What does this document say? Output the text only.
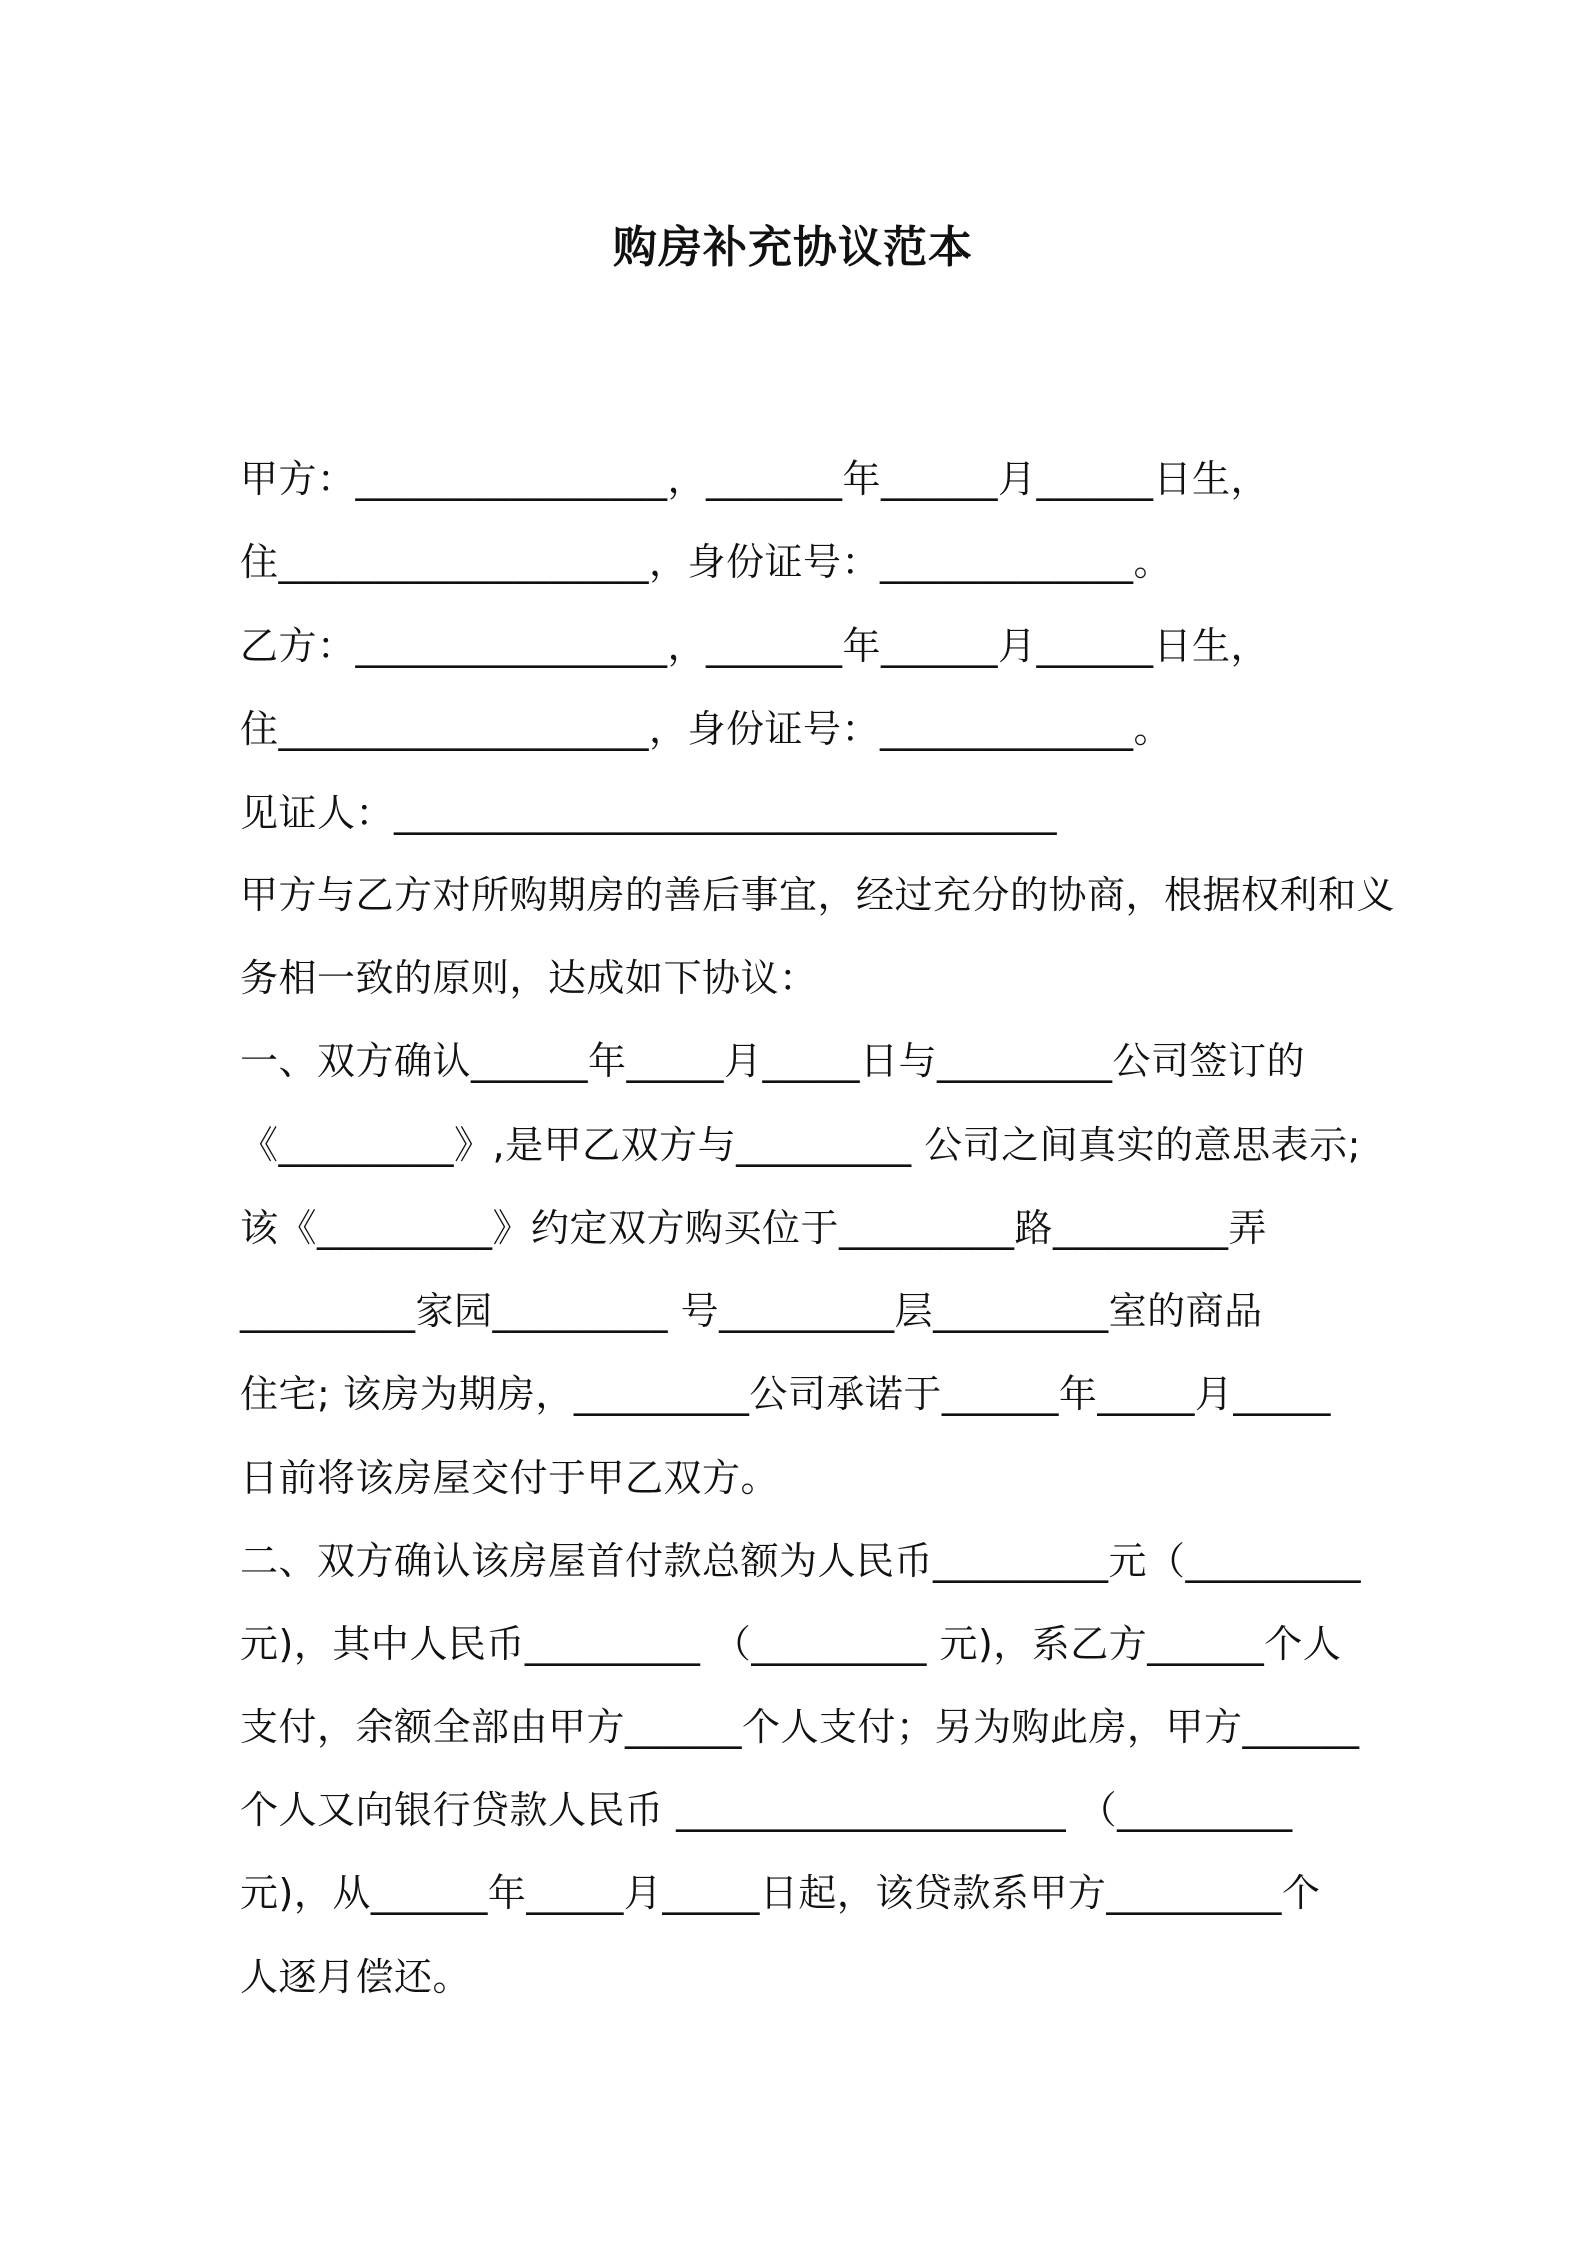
购房补充协议范本
甲方：________________，_______年______月______日生，
住___________________，身份证号：_____________。
乙方：________________，_______年______月______日生，
住___________________，身份证号：_____________。
见证人：__________________________________
甲方与乙方对所购期房的善后事宜，经过充分的协商，根据权利和义
务相一致的原则，达成如下协议：
一、双方确认______年_____月_____日与_________公司签订的
《_________》,是甲乙双方与_________ 公司之间真实的意思表示;
该《_________》约定双方购买位于_________路_________弄
_________家园_________ 号_________层_________室的商品
住宅; 该房为期房，_________公司承诺于______年_____月_____
日前将该房屋交付于甲乙双方。
二、双方确认该房屋首付款总额为人民币_________元（_________
元)，其中人民币_________ （_________ 元)，系乙方______个人
支付，余额全部由甲方______个人支付；另为购此房，甲方______
个人又向银行贷款人民币 ____________________ （_________
元)，从______年_____月_____日起，该贷款系甲方_________个
人逐月偿还。
